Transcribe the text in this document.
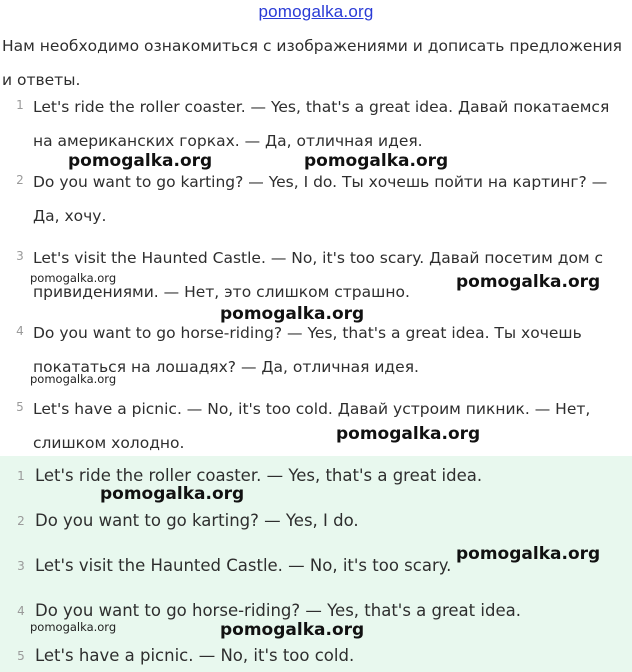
pomogalka.org
Нам необходимо ознакомиться с изображениями и дописать предложения и ответы.
1 Let's ride the roller coaster. — Yes, that's a great idea. Давай покатаемся на американских горках. — Да, отличная идея.
2 Do you want to go karting? — Yes, I do. Ты хочешь пойти на картинг? — Да, хочу.
3 Let's visit the Haunted Castle. — No, it's too scary. Давай посетим дом с привидениями. — Нет, это слишком страшно.
4 Do you want to go horse-riding? — Yes, that's a great idea. Ты хочешь покататься на лошадях? — Да, отличная идея.
5 Let's have a picnic. — No, it's too cold. Давай устроим пикник. — Нет, слишком холодно.
1 Let's ride the roller coaster. — Yes, that's a great idea.
2 Do you want to go karting? — Yes, I do.
3 Let's visit the Haunted Castle. — No, it's too scary.
4 Do you want to go horse-riding? — Yes, that's a great idea.
5 Let's have a picnic. — No, it's too cold.
pomogalka.org	pomogalka.org
pomogalka.org	pomogalka.org
pomogalka.org
pomogalka.org
pomogalka.org
pomogalka.org
pomogalka.org
pomogalka.org	pomogalka.org
